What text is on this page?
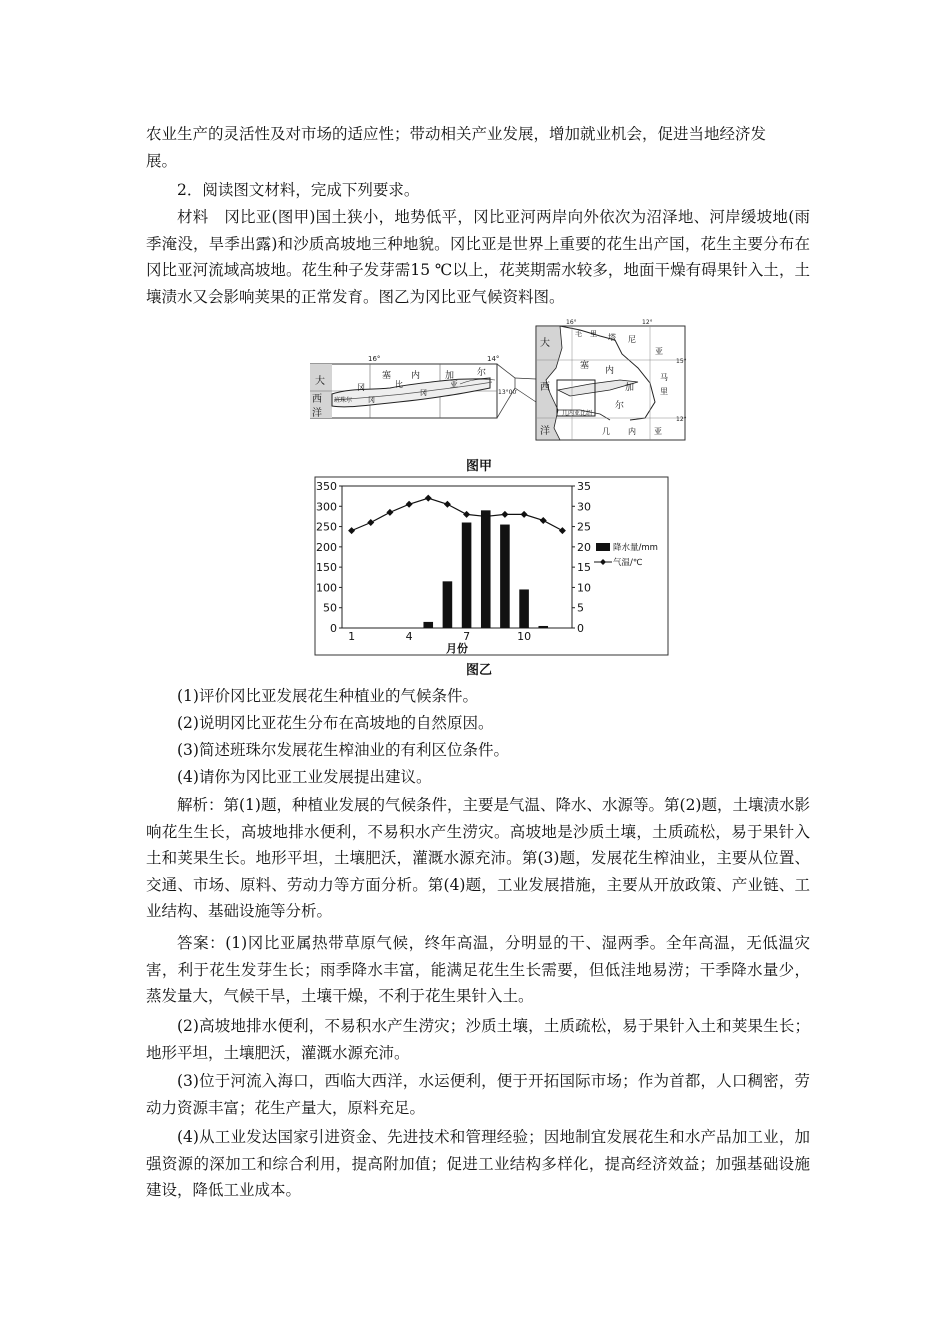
农业生产的灵活性及对市场的适应性；带动相关产业发展，增加就业机会，促进当地经济发

展。

2．阅读图文材料，完成下列要求。

材料　冈比亚(图甲)国土狭小，地势低平，冈比亚河两岸向外依次为沼泽地、河岸缓坡地(雨季淹没，旱季出露)和沙质高坡地三种地貌。冈比亚是世界上重要的花生出产国，花生主要分布在冈比亚河流域高坡地。花生种子发芽需15 ℃以上，花荚期需水较多，地面干燥有碍果针入土，土壤渍水又会影响荚果的正常发育。图乙为冈比亚气候资料图。

16°	14°
13°00′
大
西
洋
塞 内	加	尔
冈	比	亚
班珠尔 冈
冈
16°	12°
15°
12°
大
西
洋
毛 里 塔 尼
亚
塞 内
加
尔
马
里
几内亚比绍
几 内 亚

图甲

0
50
100
150
200
250
300
350
0
5
10
15
20
25
30
35
1	4	7	10
月份
降水量/mm
气温/℃

图乙

(1)评价冈比亚发展花生种植业的气候条件。

(2)说明冈比亚花生分布在高坡地的自然原因。

(3)简述班珠尔发展花生榨油业的有利区位条件。

(4)请你为冈比亚工业发展提出建议。

解析：第(1)题，种植业发展的气候条件，主要是气温、降水、水源等。第(2)题，土壤渍水影响花生生长，高坡地排水便利，不易积水产生涝灾。高坡地是沙质土壤，土质疏松，易于果针入土和荚果生长。地形平坦，土壤肥沃，灌溉水源充沛。第(3)题，发展花生榨油业，主要从位置、交通、市场、原料、劳动力等方面分析。第(4)题，工业发展措施，主要从开放政策、产业链、工业结构、基础设施等分析。

答案：(1)冈比亚属热带草原气候，终年高温，分明显的干、湿两季。全年高温，无低温灾害，利于花生发芽生长；雨季降水丰富，能满足花生生长需要，但低洼地易涝；干季降水量少，蒸发量大，气候干旱，土壤干燥，不利于花生果针入土。

(2)高坡地排水便利，不易积水产生涝灾；沙质土壤，土质疏松，易于果针入土和荚果生长；地形平坦，土壤肥沃，灌溉水源充沛。

(3)位于河流入海口，西临大西洋，水运便利，便于开拓国际市场；作为首都，人口稠密，劳动力资源丰富；花生产量大，原料充足。

(4)从工业发达国家引进资金、先进技术和管理经验；因地制宜发展花生和水产品加工业，加强资源的深加工和综合利用，提高附加值；促进工业结构多样化，提高经济效益；加强基础设施建设，降低工业成本。
